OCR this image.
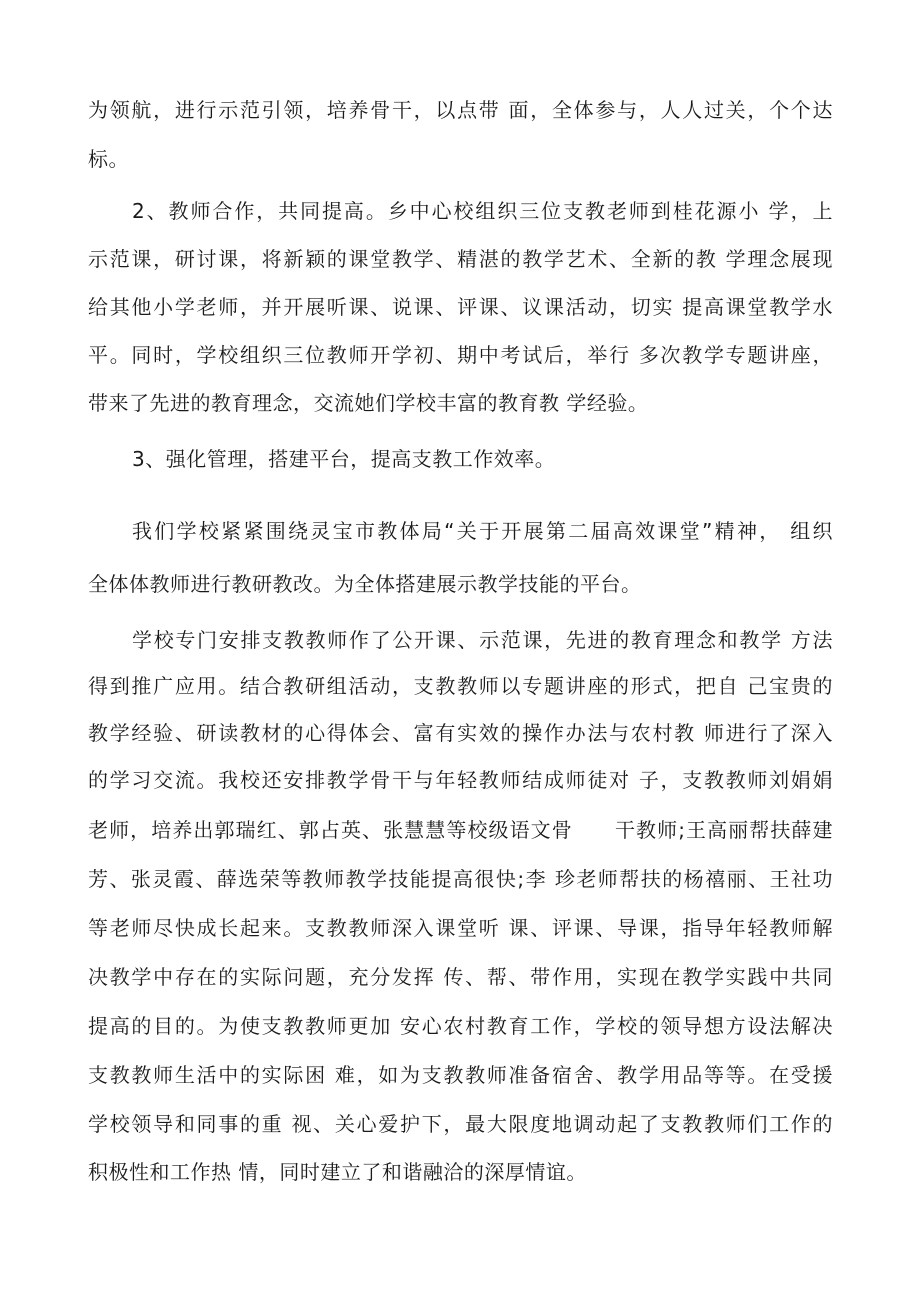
为领航，进行示范引领，培养骨干，以点带 面，全体参与，人人过关，个个达
标。
2、教师合作，共同提高。乡中心校组织三位支教老师到桂花源小 学，上
示范课，研讨课，将新颖的课堂教学、精湛的教学艺术、全新的教 学理念展现
给其他小学老师，并开展听课、说课、评课、议课活动，切实 提高课堂教学水
平。同时，学校组织三位教师开学初、期中考试后，举行 多次教学专题讲座，
带来了先进的教育理念，交流她们学校丰富的教育教 学经验。
3、强化管理，搭建平台，提高支教工作效率。
我们学校紧紧围绕灵宝市教体局“关于开展第二届高效课堂”精神， 组织
全体体教师进行教研教改。为全体搭建展示教学技能的平台。
学校专门安排支教教师作了公开课、示范课，先进的教育理念和教学 方法
得到推广应用。结合教研组活动，支教教师以专题讲座的形式，把自 己宝贵的
教学经验、研读教材的心得体会、富有实效的操作办法与农村教 师进行了深入
的学习交流。我校还安排教学骨干与年轻教师结成师徒对 子，支教教师刘娟娟
老师，培养出郭瑞红、郭占英、张慧慧等校级语文骨　　干教师;王高丽帮扶薛建
芳、张灵霞、薛选荣等教师教学技能提高很快;李 珍老师帮扶的杨禧丽、王社功
等老师尽快成长起来。支教教师深入课堂听 课、评课、导课，指导年轻教师解
决教学中存在的实际问题，充分发挥 传、帮、带作用，实现在教学实践中共同
提高的目的。为使支教教师更加 安心农村教育工作，学校的领导想方设法解决
支教教师生活中的实际困 难，如为支教教师准备宿舍、教学用品等等。在受援
学校领导和同事的重 视、关心爱护下，最大限度地调动起了支教教师们工作的
积极性和工作热 情，同时建立了和谐融洽的深厚情谊。
